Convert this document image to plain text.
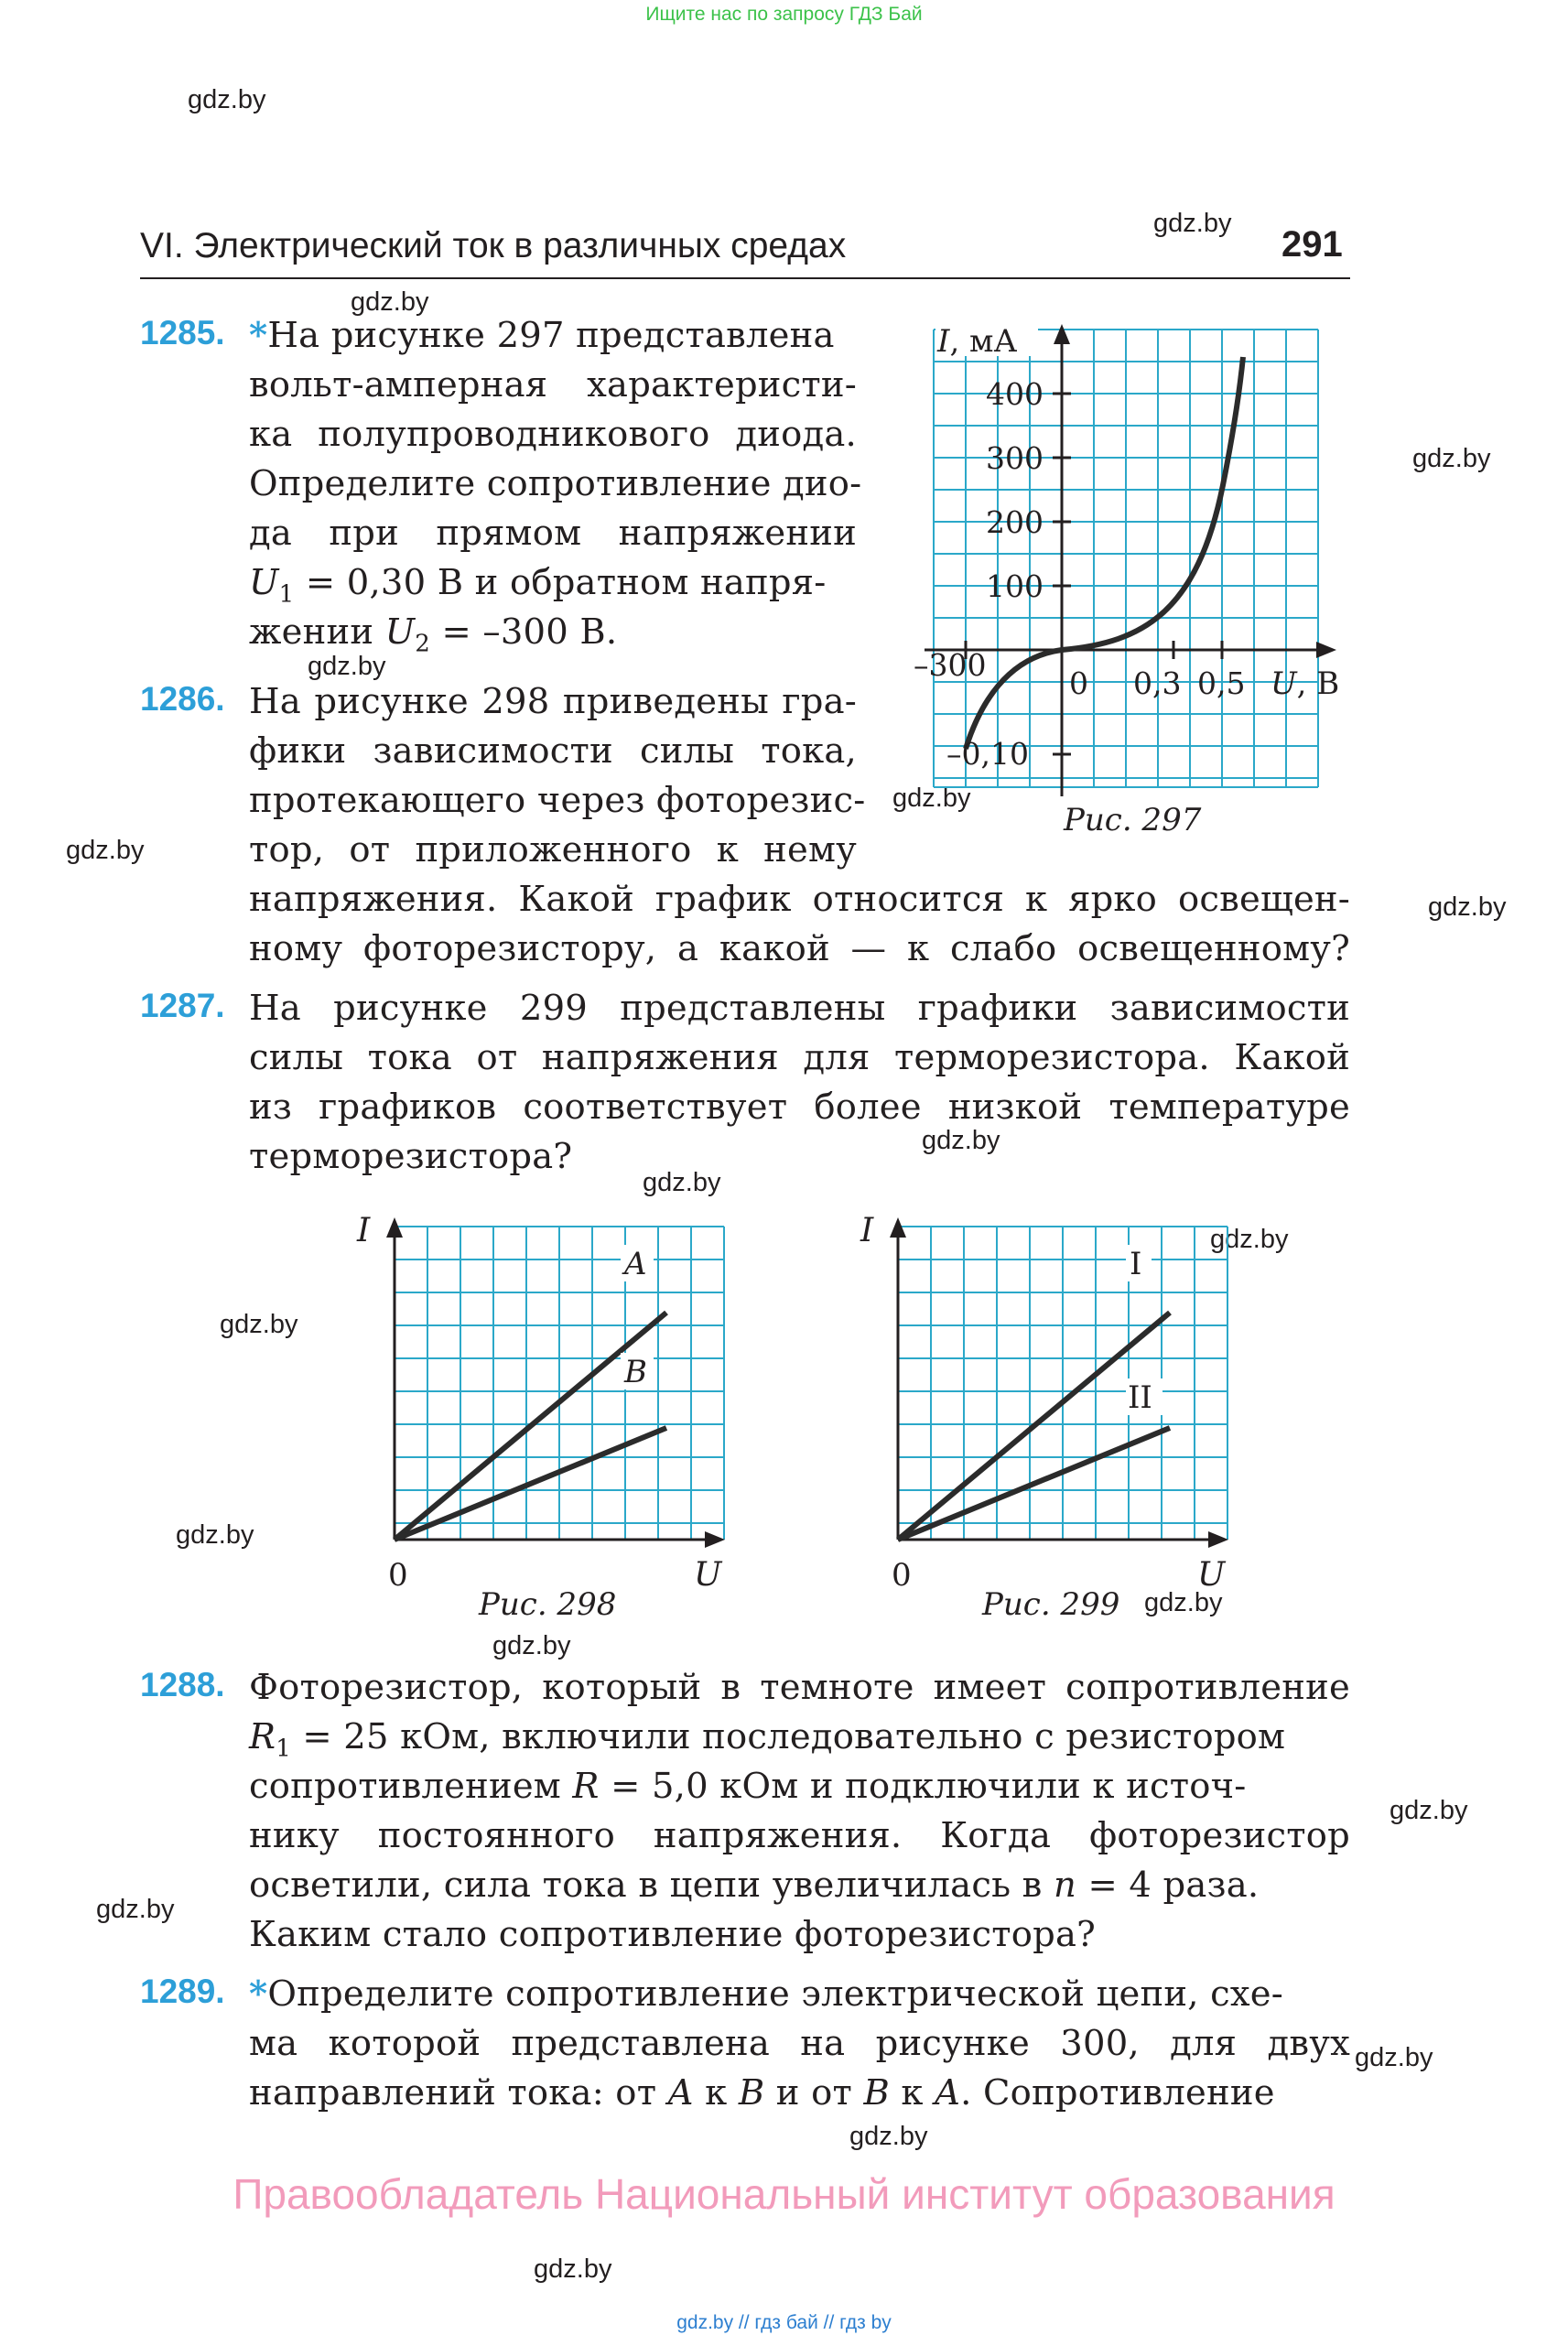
Ищите нас по запросу ГДЗ Бай
gdz.by
gdz.by
gdz.by
gdz.by
gdz.by
gdz.by
gdz.by
gdz.by
gdz.by
gdz.by
gdz.by
gdz.by
gdz.by
gdz.by
gdz.by
gdz.by
gdz.by
gdz.by
gdz.by
gdz.by
VI. Электрический ток в различных средах	291
1285. *На рисунке 297 представлена
вольт-амперная характеристи-
ка полупроводникового диода.
Определите сопротивление дио-
да при прямом напряжении
$U_1 = 0,30$ В и обратном напря-
жении $U_2 = -300$ В.
I, мА
400
300
200
100
–300
0 0,3 0,5 U, В
–0,10
Рис. 297
1286. На рисунке 298 приведены гра-
фики зависимости силы тока,
протекающего через фоторезис-
тор, от приложенного к нему
напряжения. Какой график относится к ярко освещен-
ному фоторезистору, а какой — к слабо освещенному?
1287. На рисунке 299 представлены графики зависимости
силы тока от напряжения для терморезистора. Какой
из графиков соответствует более низкой температуре
терморезистора?
A
B
I
0	U
Рис. 298
I
II
I
0	U
Рис. 299
1288. Фоторезистор, который в темноте имеет сопротивление
$R_1 = 25$ кОм, включили последовательно с резистором
сопротивлением R = 5,0 кОм и подключили к источ-
нику постоянного напряжения. Когда фоторезистор
осветили, сила тока в цепи увеличилась в n = 4 раза.
Каким стало сопротивление фоторезистора?
1289. *Определите сопротивление электрической цепи, схе-
ма которой представлена на рисунке 300, для двух
направлений тока: от A к B и от B к A. Сопротивление
Правообладатель Национальный институт образования
gdz.by // гдз бай // гдз by
